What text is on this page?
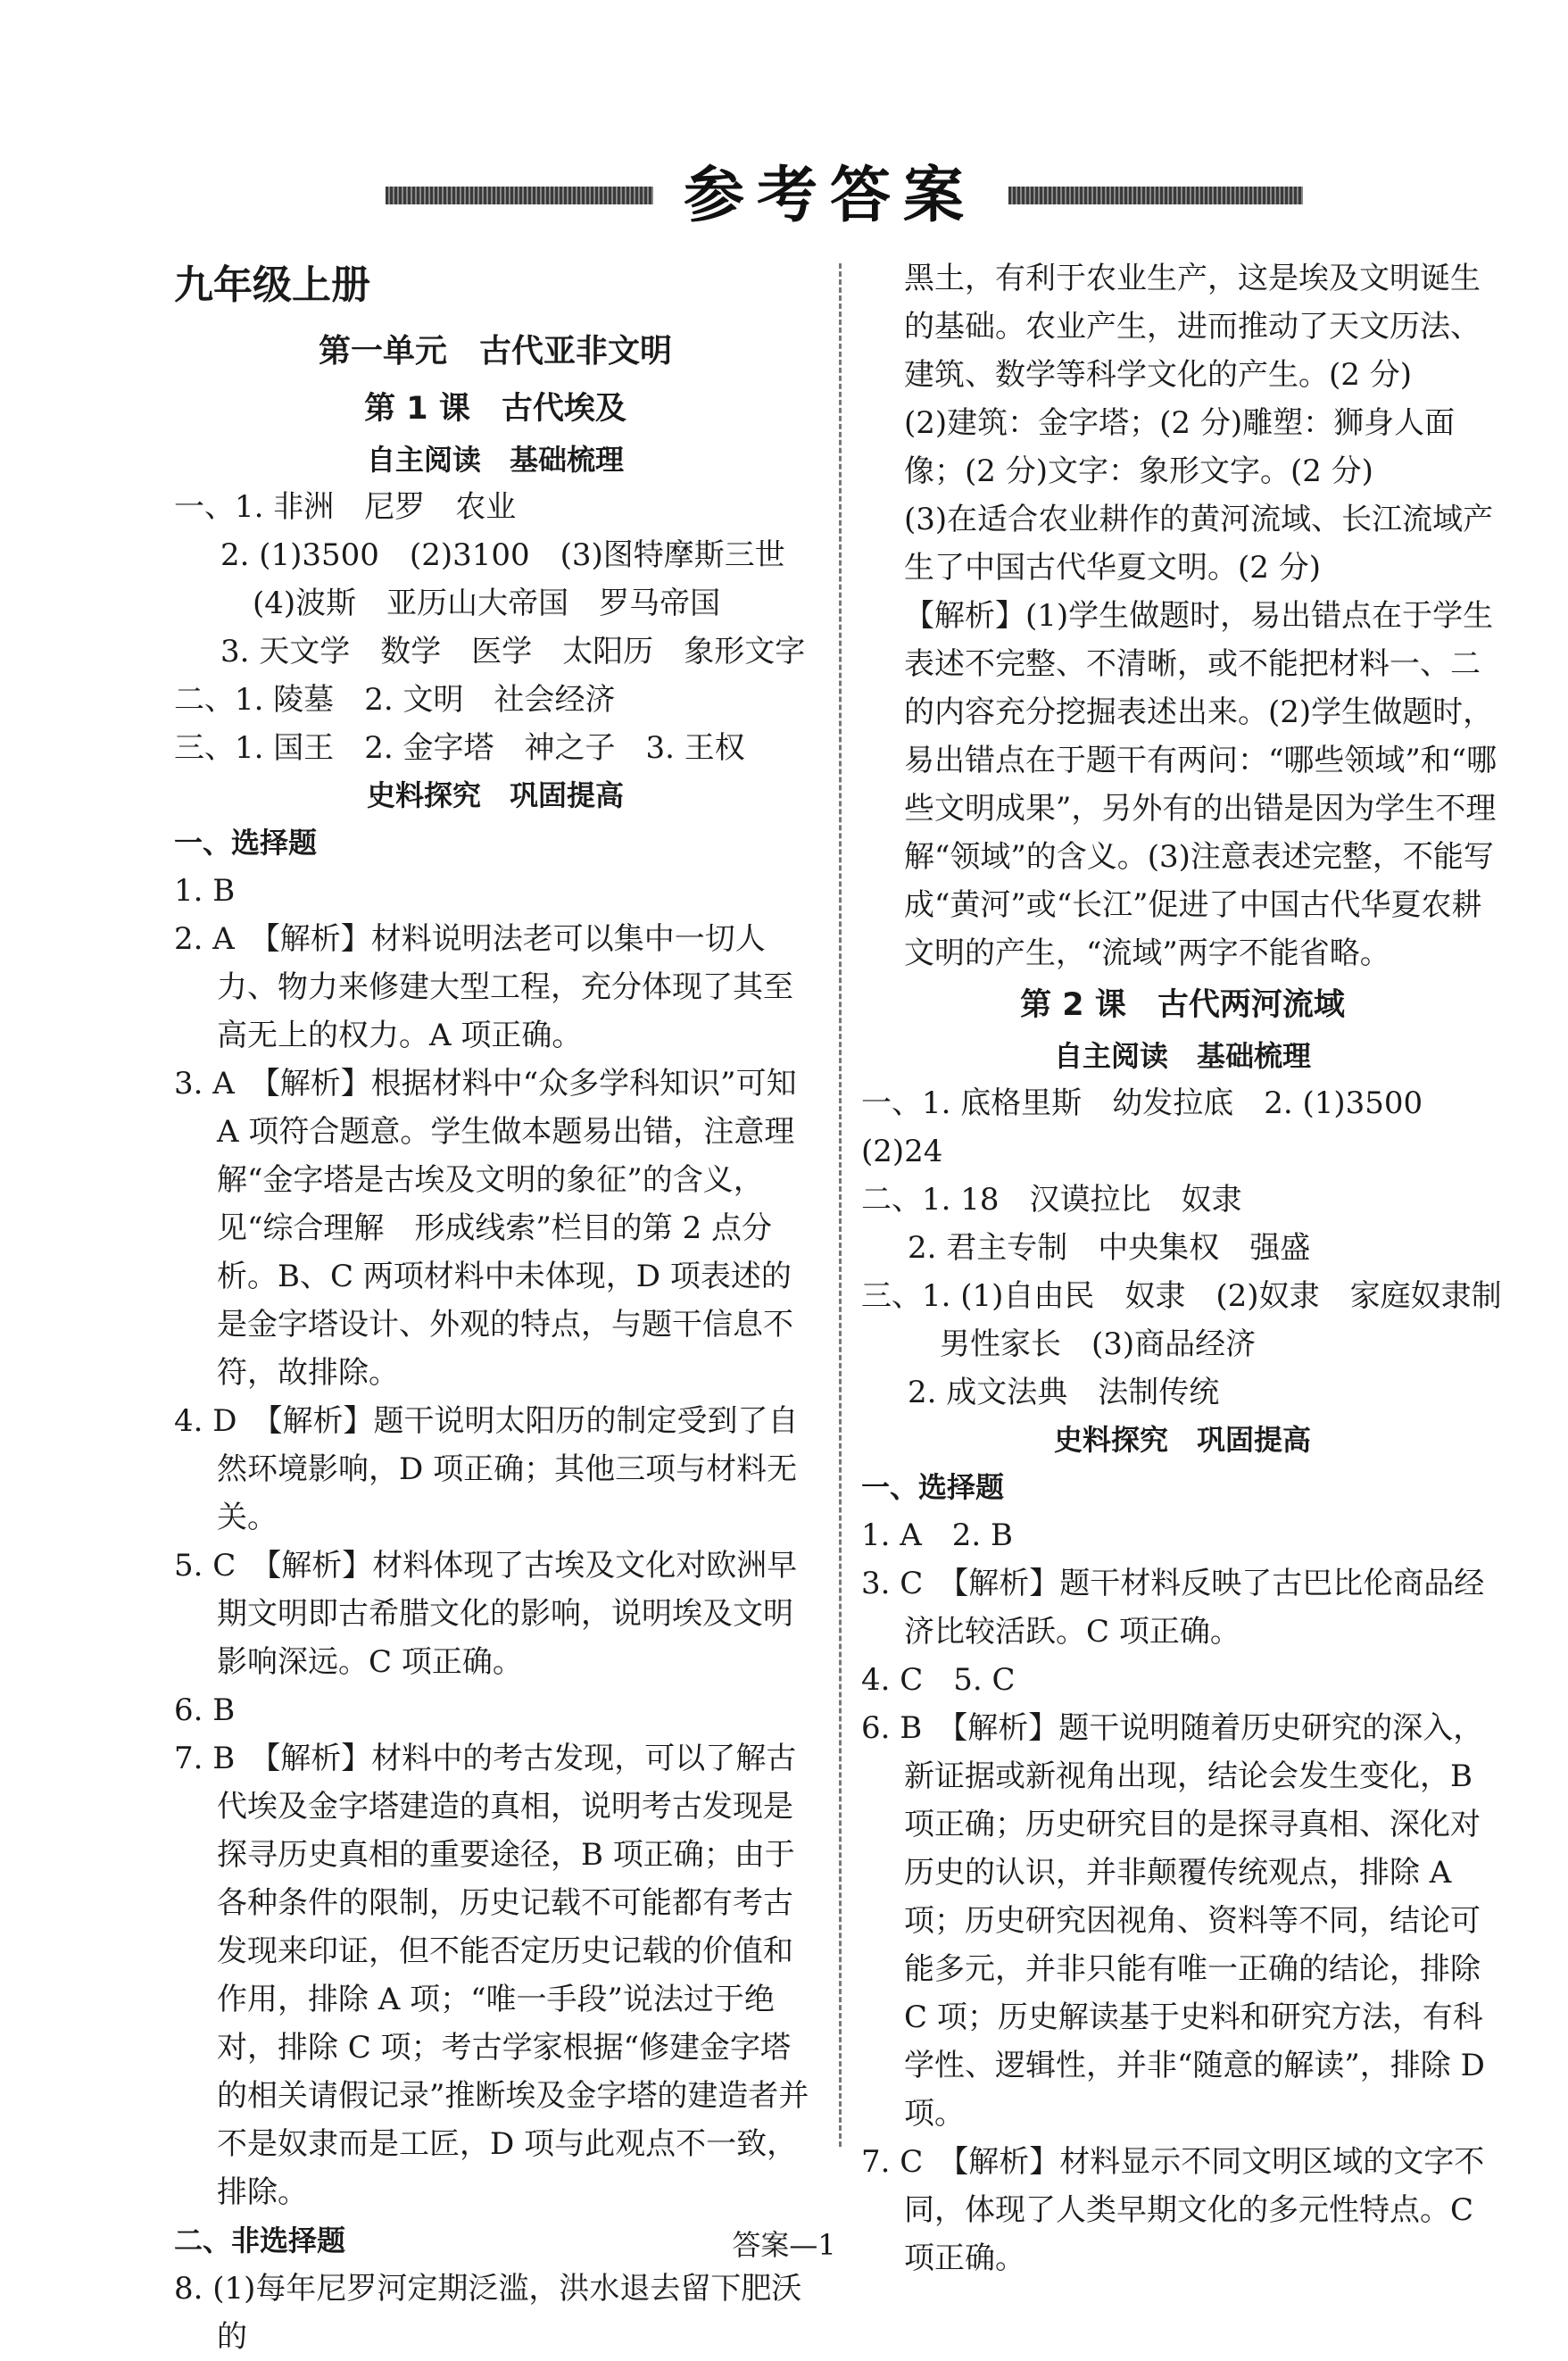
参考答案
九年级上册
第一单元　古代亚非文明
第 1 课　古代埃及
自主阅读　基础梳理

一、1. 非洲　尼罗　农业

2. (1)3500　(2)3100　(3)图特摩斯三世

(4)波斯　亚历山大帝国　罗马帝国

3. 天文学　数学　医学　太阳历　象形文字

二、1. 陵墓　2. 文明　社会经济

三、1. 国王　2. 金字塔　神之子　3. 王权

史料探究　巩固提高
一、选择题

1. B

2. A　【解析】材料说明法老可以集中一切人力、物力来修建大型工程，充分体现了其至高无上的权力。A 项正确。

3. A　【解析】根据材料中“众多学科知识”可知 A 项符合题意。学生做本题易出错，注意理解“金字塔是古埃及文明的象征”的含义，见“综合理解　形成线索”栏目的第 2 点分析。B、C 两项材料中未体现，D 项表述的是金字塔设计、外观的特点，与题干信息不符，故排除。

4. D　【解析】题干说明太阳历的制定受到了自然环境影响，D 项正确；其他三项与材料无关。

5. C　【解析】材料体现了古埃及文化对欧洲早期文明即古希腊文化的影响，说明埃及文明影响深远。C 项正确。

6. B

7. B　【解析】材料中的考古发现，可以了解古代埃及金字塔建造的真相，说明考古发现是探寻历史真相的重要途径，B 项正确；由于各种条件的限制，历史记载不可能都有考古发现来印证，但不能否定历史记载的价值和作用，排除 A 项；“唯一手段”说法过于绝对，排除 C 项；考古学家根据“修建金字塔的相关请假记录”推断埃及金字塔的建造者并不是奴隶而是工匠，D 项与此观点不一致，排除。

二、非选择题

8. (1)每年尼罗河定期泛滥，洪水退去留下肥沃的

黑土，有利于农业生产，这是埃及文明诞生的基础。农业产生，进而推动了天文历法、建筑、数学等科学文化的产生。(2 分)

(2)建筑：金字塔；(2 分)雕塑：狮身人面像；(2 分)文字：象形文字。(2 分)

(3)在适合农业耕作的黄河流域、长江流域产生了中国古代华夏文明。(2 分)

【解析】(1)学生做题时，易出错点在于学生表述不完整、不清晰，或不能把材料一、二的内容充分挖掘表述出来。(2)学生做题时，易出错点在于题干有两问：“哪些领域”和“哪些文明成果”，另外有的出错是因为学生不理解“领域”的含义。(3)注意表述完整，不能写成“黄河”或“长江”促进了中国古代华夏农耕文明的产生，“流域”两字不能省略。

第 2 课　古代两河流域
自主阅读　基础梳理

一、1. 底格里斯　幼发拉底　2. (1)3500　(2)24

二、1. 18　汉谟拉比　奴隶

2. 君主专制　中央集权　强盛

三、1. (1)自由民　奴隶　(2)奴隶　家庭奴隶制

男性家长　(3)商品经济

2. 成文法典　法制传统

史料探究　巩固提高
一、选择题

1. A　2. B

3. C　【解析】题干材料反映了古巴比伦商品经济比较活跃。C 项正确。

4. C　5. C

6. B　【解析】题干说明随着历史研究的深入，新证据或新视角出现，结论会发生变化，B 项正确；历史研究目的是探寻真相、深化对历史的认识，并非颠覆传统观点，排除 A 项；历史研究因视角、资料等不同，结论可能多元，并非只能有唯一正确的结论，排除 C 项；历史解读基于史料和研究方法，有科学性、逻辑性，并非“随意的解读”，排除 D 项。

7. C　【解析】材料显示不同文明区域的文字不同，体现了人类早期文化的多元性特点。C 项正确。

答案—1
